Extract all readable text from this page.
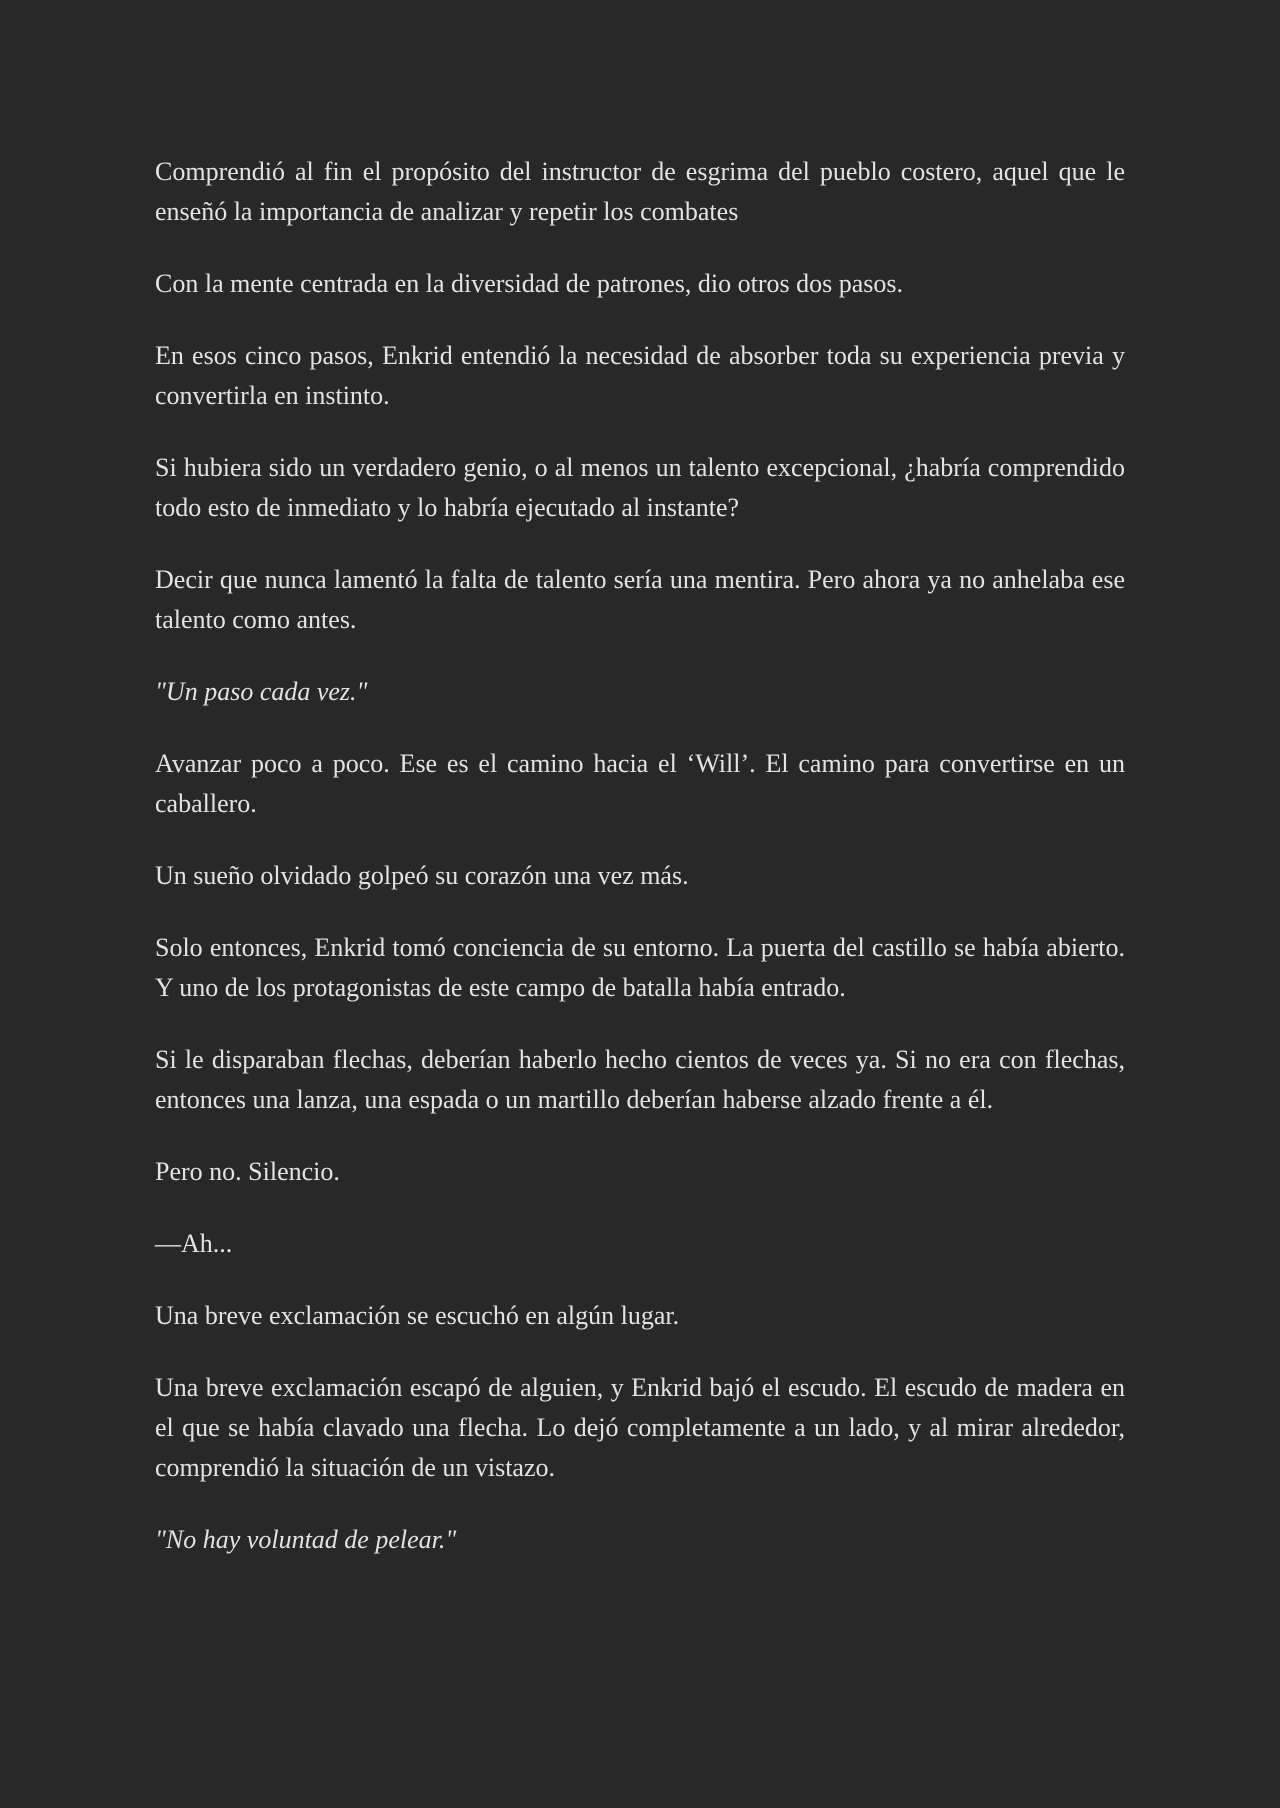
Comprendió al fin el propósito del instructor de esgrima del pueblo costero, aquel que le enseñó la importancia de analizar y repetir los combates

Con la mente centrada en la diversidad de patrones, dio otros dos pasos.

En esos cinco pasos, Enkrid entendió la necesidad de absorber toda su experiencia previa y convertirla en instinto.

Si hubiera sido un verdadero genio, o al menos un talento excepcional, ¿habría comprendido todo esto de inmediato y lo habría ejecutado al instante?

Decir que nunca lamentó la falta de talento sería una mentira. Pero ahora ya no anhelaba ese talento como antes.

"Un paso cada vez."

Avanzar poco a poco. Ese es el camino hacia el ‘Will’. El camino para convertirse en un caballero.

Un sueño olvidado golpeó su corazón una vez más.

Solo entonces, Enkrid tomó conciencia de su entorno. La puerta del castillo se había abierto. Y uno de los protagonistas de este campo de batalla había entrado.

Si le disparaban flechas, deberían haberlo hecho cientos de veces ya. Si no era con flechas, entonces una lanza, una espada o un martillo deberían haberse alzado frente a él.

Pero no. Silencio.

—Ah...

Una breve exclamación se escuchó en algún lugar.

Una breve exclamación escapó de alguien, y Enkrid bajó el escudo. El escudo de madera en el que se había clavado una flecha. Lo dejó completamente a un lado, y al mirar alrededor, comprendió la situación de un vistazo.

"No hay voluntad de pelear."
